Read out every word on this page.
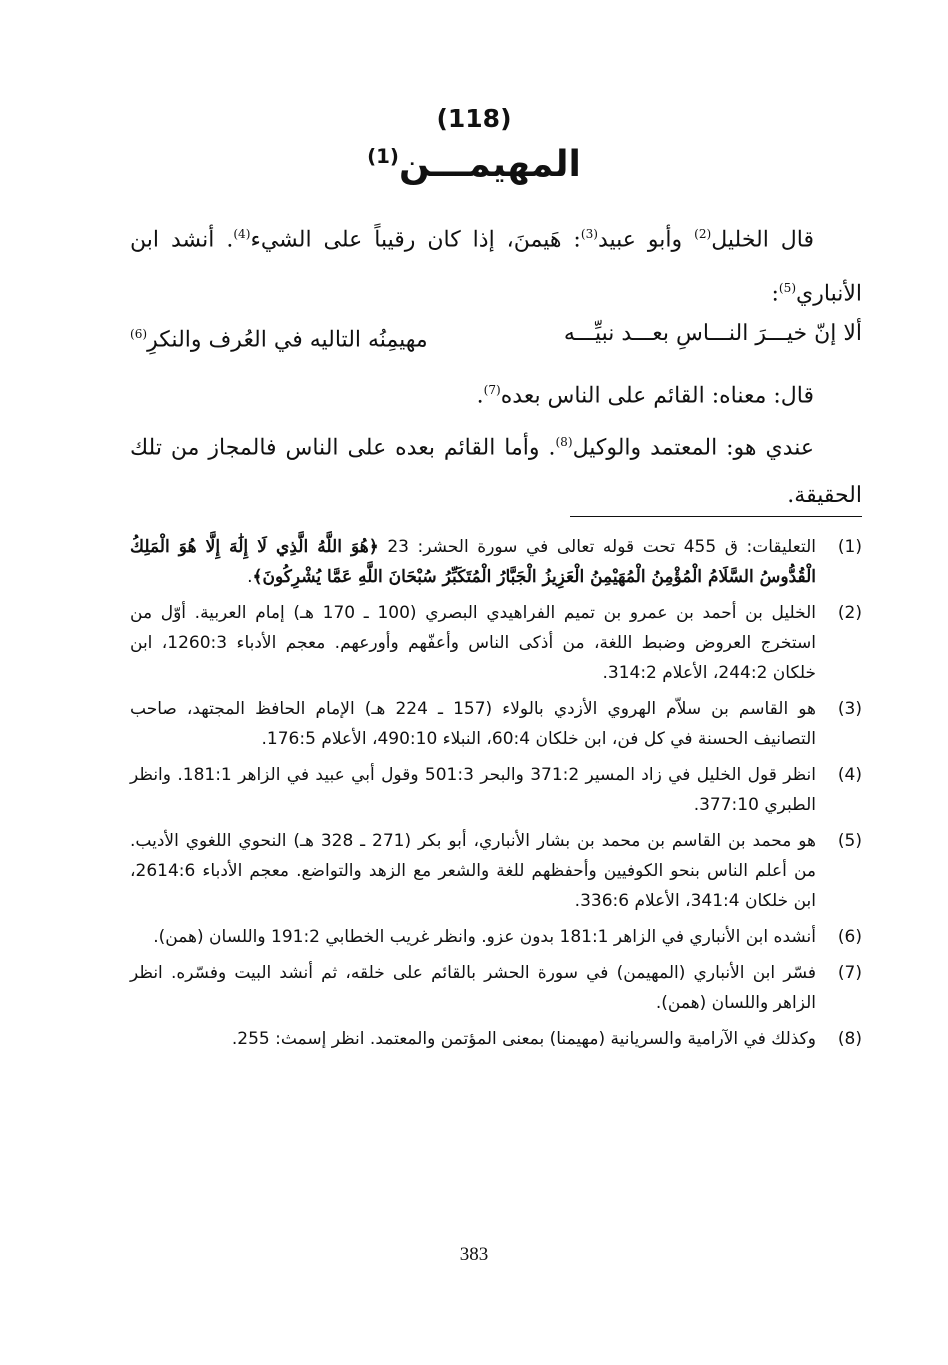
(118)
المهيمـــن$^{(1)}$
قال الخليل$^{(2)}$ وأبو عبيد$^{(3)}$: هَيمنَ، إذا كان رقيباً على الشيء$^{(4)}$. أنشد ابن الأنباري$^{(5)}$:
ألا إنّ خيـــرَ النـــاسِ بعـــد نبيِّـــه
مهيمِنُه التاليه في العُرف والنكرِ$^{(6)}$
قال: معناه: القائم على الناس بعده$^{(7)}$.
عندي هو: المعتمد والوكيل$^{(8)}$. وأما القائم بعده على الناس فالمجاز من تلك الحقيقة.
(1)
التعليقات: ق 455 تحت قوله تعالى في سورة الحشر: 23 ﴿هُوَ اللَّهُ الَّذِي لَا إِلَٰهَ إِلَّا هُوَ الْمَلِكُ الْقُدُّوسُ السَّلَامُ الْمُؤْمِنُ الْمُهَيْمِنُ الْعَزِيزُ الْجَبَّارُ الْمُتَكَبِّرُ سُبْحَانَ اللَّهِ عَمَّا يُشْرِكُونَ﴾.
(2)
الخليل بن أحمد بن عمرو بن تميم الفراهيدي البصري (100 ـ 170 هـ) إمام العربية. أوّل من استخرج العروض وضبط اللغة، من أذكى الناس وأعفّهم وأورعهم. معجم الأدباء 1260:3، ابن خلكان 244:2، الأعلام 314:2.
(3)
هو القاسم بن سلاّم الهروي الأزدي بالولاء (157 ـ 224 هـ) الإمام الحافظ المجتهد، صاحب التصانيف الحسنة في كل فن، ابن خلكان 60:4، النبلاء 490:10، الأعلام 176:5.
(4)
انظر قول الخليل في زاد المسير 371:2 والبحر 501:3 وقول أبي عبيد في الزاهر 181:1. وانظر الطبري 377:10.
(5)
هو محمد بن القاسم بن محمد بن بشار الأنباري، أبو بكر (271 ـ 328 هـ) النحوي اللغوي الأديب. من أعلم الناس بنحو الكوفيين وأحفظهم للغة والشعر مع الزهد والتواضع. معجم الأدباء 2614:6، ابن خلكان 341:4، الأعلام 336:6.
(6)
أنشده ابن الأنباري في الزاهر 181:1 بدون عزو. وانظر غريب الخطابي 191:2 واللسان (همن).
(7)
فسّر ابن الأنباري (المهيمن) في سورة الحشر بالقائم على خلقه، ثم أنشد البيت وفسّره. انظر الزاهر واللسان (همن).
(8)
وكذلك في الآرامية والسريانية (مهيمنا) بمعنى المؤتمن والمعتمد. انظر إسمث: 255.
383
